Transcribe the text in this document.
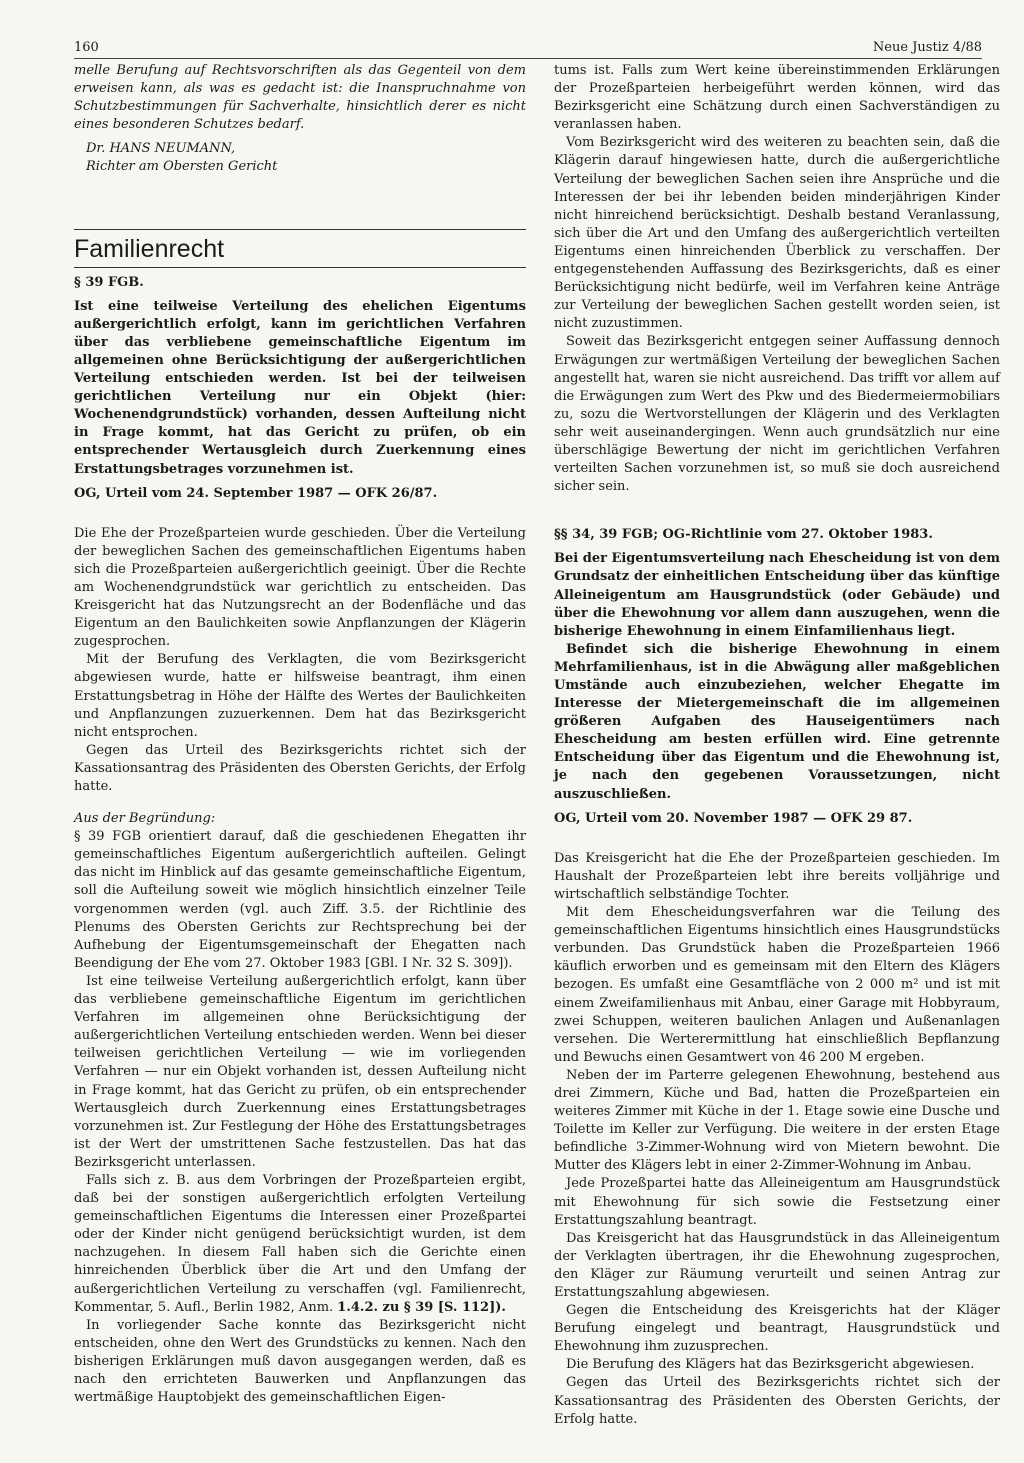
160	Neue Justiz 4/88

melle Berufung auf Rechtsvorschriften als das Gegenteil von dem erweisen kann, als was es gedacht ist: die Inanspruchnahme von Schutzbestimmungen für Sachverhalte, hinsichtlich derer es nicht eines besonderen Schutzes bedarf.

Dr. HANS NEUMANN,

Richter am Obersten Gericht

Familienrecht

§ 39 FGB.

Ist eine teilweise Verteilung des ehelichen Eigentums außergerichtlich erfolgt, kann im gerichtlichen Verfahren über das verbliebene gemeinschaftliche Eigentum im allgemeinen ohne Berücksichtigung der außergerichtlichen Verteilung entschieden werden. Ist bei der teilweisen gerichtlichen Verteilung nur ein Objekt (hier: Wochenendgrundstück) vorhanden, dessen Aufteilung nicht in Frage kommt, hat das Gericht zu prüfen, ob ein entsprechender Wertausgleich durch Zuerkennung eines Erstattungsbetrages vorzunehmen ist.

OG, Urteil vom 24. September 1987 — OFK 26/87.

Die Ehe der Prozeßparteien wurde geschieden. Über die Verteilung der beweglichen Sachen des gemeinschaftlichen Eigentums haben sich die Prozeßparteien außergerichtlich geeinigt. Über die Rechte am Wochenendgrundstück war gerichtlich zu entscheiden. Das Kreisgericht hat das Nutzungsrecht an der Bodenfläche und das Eigentum an den Baulichkeiten sowie Anpflanzungen der Klägerin zugesprochen.

Mit der Berufung des Verklagten, die vom Bezirksgericht abgewiesen wurde, hatte er hilfsweise beantragt, ihm einen Erstattungsbetrag in Höhe der Hälfte des Wertes der Baulichkeiten und Anpflanzungen zuzuerkennen. Dem hat das Bezirksgericht nicht entsprochen.

Gegen das Urteil des Bezirksgerichts richtet sich der Kassationsantrag des Präsidenten des Obersten Gerichts, der Erfolg hatte.

Aus der Begründung:

§ 39 FGB orientiert darauf, daß die geschiedenen Ehegatten ihr gemeinschaftliches Eigentum außergerichtlich aufteilen. Gelingt das nicht im Hinblick auf das gesamte gemeinschaftliche Eigentum, soll die Aufteilung soweit wie möglich hinsichtlich einzelner Teile vorgenommen werden (vgl. auch Ziff. 3.5. der Richtlinie des Plenums des Obersten Gerichts zur Rechtsprechung bei der Aufhebung der Eigentumsgemeinschaft der Ehegatten nach Beendigung der Ehe vom 27. Oktober 1983 [GBl. I Nr. 32 S. 309]).

Ist eine teilweise Verteilung außergerichtlich erfolgt, kann über das verbliebene gemeinschaftliche Eigentum im gerichtlichen Verfahren im allgemeinen ohne Berücksichtigung der außergerichtlichen Verteilung entschieden werden. Wenn bei dieser teilweisen gerichtlichen Verteilung — wie im vorliegenden Verfahren — nur ein Objekt vorhanden ist, dessen Aufteilung nicht in Frage kommt, hat das Gericht zu prüfen, ob ein entsprechender Wertausgleich durch Zuerkennung eines Erstattungsbetrages vorzunehmen ist. Zur Festlegung der Höhe des Erstattungsbetrages ist der Wert der umstrittenen Sache festzustellen. Das hat das Bezirksgericht unterlassen.

Falls sich z. B. aus dem Vorbringen der Prozeßparteien ergibt, daß bei der sonstigen außergerichtlich erfolgten Verteilung gemeinschaftlichen Eigentums die Interessen einer Prozeßpartei oder der Kinder nicht genügend berücksichtigt wurden, ist dem nachzugehen. In diesem Fall haben sich die Gerichte einen hinreichenden Überblick über die Art und den Umfang der außergerichtlichen Verteilung zu verschaffen (vgl. Familienrecht, Kommentar, 5. Aufl., Berlin 1982, Anm. 1.4.2. zu § 39 [S. 112]).

In vorliegender Sache konnte das Bezirksgericht nicht entscheiden, ohne den Wert des Grundstücks zu kennen. Nach den bisherigen Erklärungen muß davon ausgegangen werden, daß es nach den errichteten Bauwerken und Anpflanzungen das wertmäßige Hauptobjekt des gemeinschaftlichen Eigen-

tums ist. Falls zum Wert keine übereinstimmenden Erklärungen der Prozeßparteien herbeigeführt werden können, wird das Bezirksgericht eine Schätzung durch einen Sachverständigen zu veranlassen haben.

Vom Bezirksgericht wird des weiteren zu beachten sein, daß die Klägerin darauf hingewiesen hatte, durch die außergerichtliche Verteilung der beweglichen Sachen seien ihre Ansprüche und die Interessen der bei ihr lebenden beiden minderjährigen Kinder nicht hinreichend berücksichtigt. Deshalb bestand Veranlassung, sich über die Art und den Umfang des außergerichtlich verteilten Eigentums einen hinreichenden Überblick zu verschaffen. Der entgegenstehenden Auffassung des Bezirksgerichts, daß es einer Berücksichtigung nicht bedürfe, weil im Verfahren keine Anträge zur Verteilung der beweglichen Sachen gestellt worden seien, ist nicht zuzustimmen.

Soweit das Bezirksgericht entgegen seiner Auffassung dennoch Erwägungen zur wertmäßigen Verteilung der beweglichen Sachen angestellt hat, waren sie nicht ausreichend. Das trifft vor allem auf die Erwägungen zum Wert des Pkw und des Biedermeiermobiliars zu, sozu die Wertvorstellungen der Klägerin und des Verklagten sehr weit auseinandergingen. Wenn auch grundsätzlich nur eine überschlägige Bewertung der nicht im gerichtlichen Verfahren verteilten Sachen vorzunehmen ist, so muß sie doch ausreichend sicher sein.

§§ 34, 39 FGB; OG-Richtlinie vom 27. Oktober 1983.

Bei der Eigentumsverteilung nach Ehescheidung ist von dem Grundsatz der einheitlichen Entscheidung über das künftige Alleineigentum am Hausgrundstück (oder Gebäude) und über die Ehewohnung vor allem dann auszugehen, wenn die bisherige Ehewohnung in einem Einfamilienhaus liegt.

Befindet sich die bisherige Ehewohnung in einem Mehrfamilienhaus, ist in die Abwägung aller maßgeblichen Umstände auch einzubeziehen, welcher Ehegatte im Interesse der Mietergemeinschaft die im allgemeinen größeren Aufgaben des Hauseigentümers nach Ehescheidung am besten erfüllen wird. Eine getrennte Entscheidung über das Eigentum und die Ehewohnung ist, je nach den gegebenen Voraussetzungen, nicht auszuschließen.

OG, Urteil vom 20. November 1987 — OFK 29 87.

Das Kreisgericht hat die Ehe der Prozeßparteien geschieden. Im Haushalt der Prozeßparteien lebt ihre bereits volljährige und wirtschaftlich selbständige Tochter.

Mit dem Ehescheidungsverfahren war die Teilung des gemeinschaftlichen Eigentums hinsichtlich eines Hausgrundstücks verbunden. Das Grundstück haben die Prozeßparteien 1966 käuflich erworben und es gemeinsam mit den Eltern des Klägers bezogen. Es umfaßt eine Gesamtfläche von 2 000 m² und ist mit einem Zweifamilienhaus mit Anbau, einer Garage mit Hobbyraum, zwei Schuppen, weiteren baulichen Anlagen und Außenanlagen versehen. Die Werterermittlung hat einschließlich Bepflanzung und Bewuchs einen Gesamtwert von 46 200 M ergeben.

Neben der im Parterre gelegenen Ehewohnung, bestehend aus drei Zimmern, Küche und Bad, hatten die Prozeßparteien ein weiteres Zimmer mit Küche in der 1. Etage sowie eine Dusche und Toilette im Keller zur Verfügung. Die weitere in der ersten Etage befindliche 3-Zimmer-Wohnung wird von Mietern bewohnt. Die Mutter des Klägers lebt in einer 2-Zimmer-Wohnung im Anbau.

Jede Prozeßpartei hatte das Alleineigentum am Hausgrundstück mit Ehewohnung für sich sowie die Festsetzung einer Erstattungszahlung beantragt.

Das Kreisgericht hat das Hausgrundstück in das Alleineigentum der Verklagten übertragen, ihr die Ehewohnung zugesprochen, den Kläger zur Räumung verurteilt und seinen Antrag zur Erstattungszahlung abgewiesen.

Gegen die Entscheidung des Kreisgerichts hat der Kläger Berufung eingelegt und beantragt, Hausgrundstück und Ehewohnung ihm zuzusprechen.

Die Berufung des Klägers hat das Bezirksgericht abgewiesen.

Gegen das Urteil des Bezirksgerichts richtet sich der Kassationsantrag des Präsidenten des Obersten Gerichts, der Erfolg hatte.
